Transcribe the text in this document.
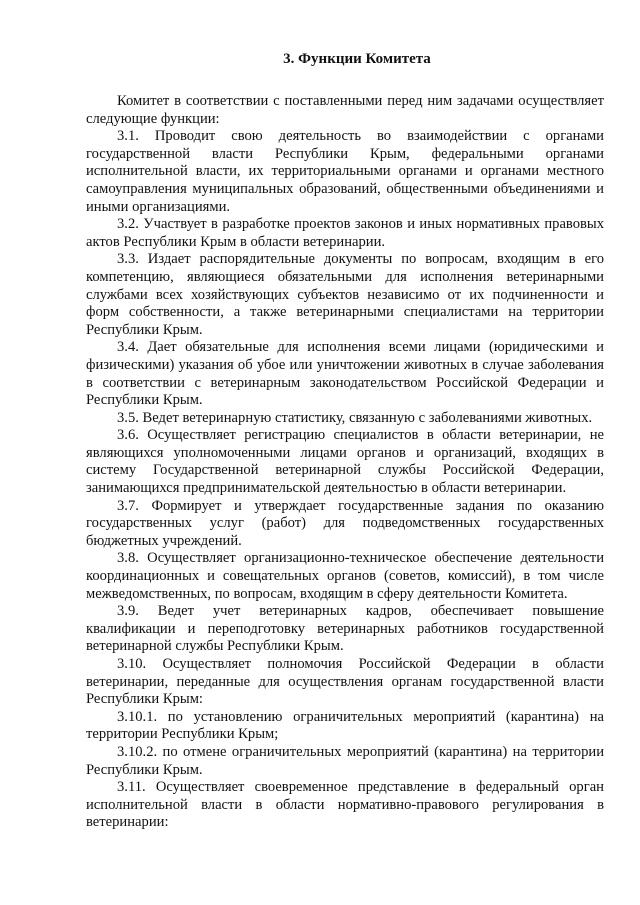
3. Функции Комитета

Комитет в соответствии с поставленными перед ним задачами осуществляет следующие функции:

3.1. Проводит свою деятельность во взаимодействии с органами государственной власти Республики Крым, федеральными органами исполнительной власти, их территориальными органами и органами местного самоуправления муниципальных образований, общественными объединениями и иными организациями.

3.2. Участвует в разработке проектов законов и иных нормативных правовых актов Республики Крым в области ветеринарии.

3.3. Издает распорядительные документы по вопросам, входящим в его компетенцию, являющиеся обязательными для исполнения ветеринарными службами всех хозяйствующих субъектов независимо от их подчиненности и форм собственности, а также ветеринарными специалистами на территории Республики Крым.

3.4. Дает обязательные для исполнения всеми лицами (юридическими и физическими) указания об убое или уничтожении животных в случае заболевания в соответствии с ветеринарным законодательством Российской Федерации и Республики Крым.

3.5. Ведет ветеринарную статистику, связанную с заболеваниями животных.

3.6. Осуществляет регистрацию специалистов в области ветеринарии, не являющихся уполномоченными лицами органов и организаций, входящих в систему Государственной ветеринарной службы Российской Федерации, занимающихся предпринимательской деятельностью в области ветеринарии.

3.7. Формирует и утверждает государственные задания по оказанию государственных услуг (работ) для подведомственных государственных бюджетных учреждений.

3.8. Осуществляет организационно-техническое обеспечение деятельности координационных и совещательных органов (советов, комиссий), в том числе межведомственных, по вопросам, входящим в сферу деятельности Комитета.

3.9. Ведет учет ветеринарных кадров, обеспечивает повышение квалификации и переподготовку ветеринарных работников государственной ветеринарной службы Республики Крым.

3.10. Осуществляет полномочия Российской Федерации в области ветеринарии, переданные для осуществления органам государственной власти Республики Крым:

3.10.1. по установлению ограничительных мероприятий (карантина) на территории Республики Крым;

3.10.2. по отмене ограничительных мероприятий (карантина) на территории Республики Крым.

3.11. Осуществляет своевременное представление в федеральный орган исполнительной власти в области нормативно-правового регулирования в ветеринарии:
